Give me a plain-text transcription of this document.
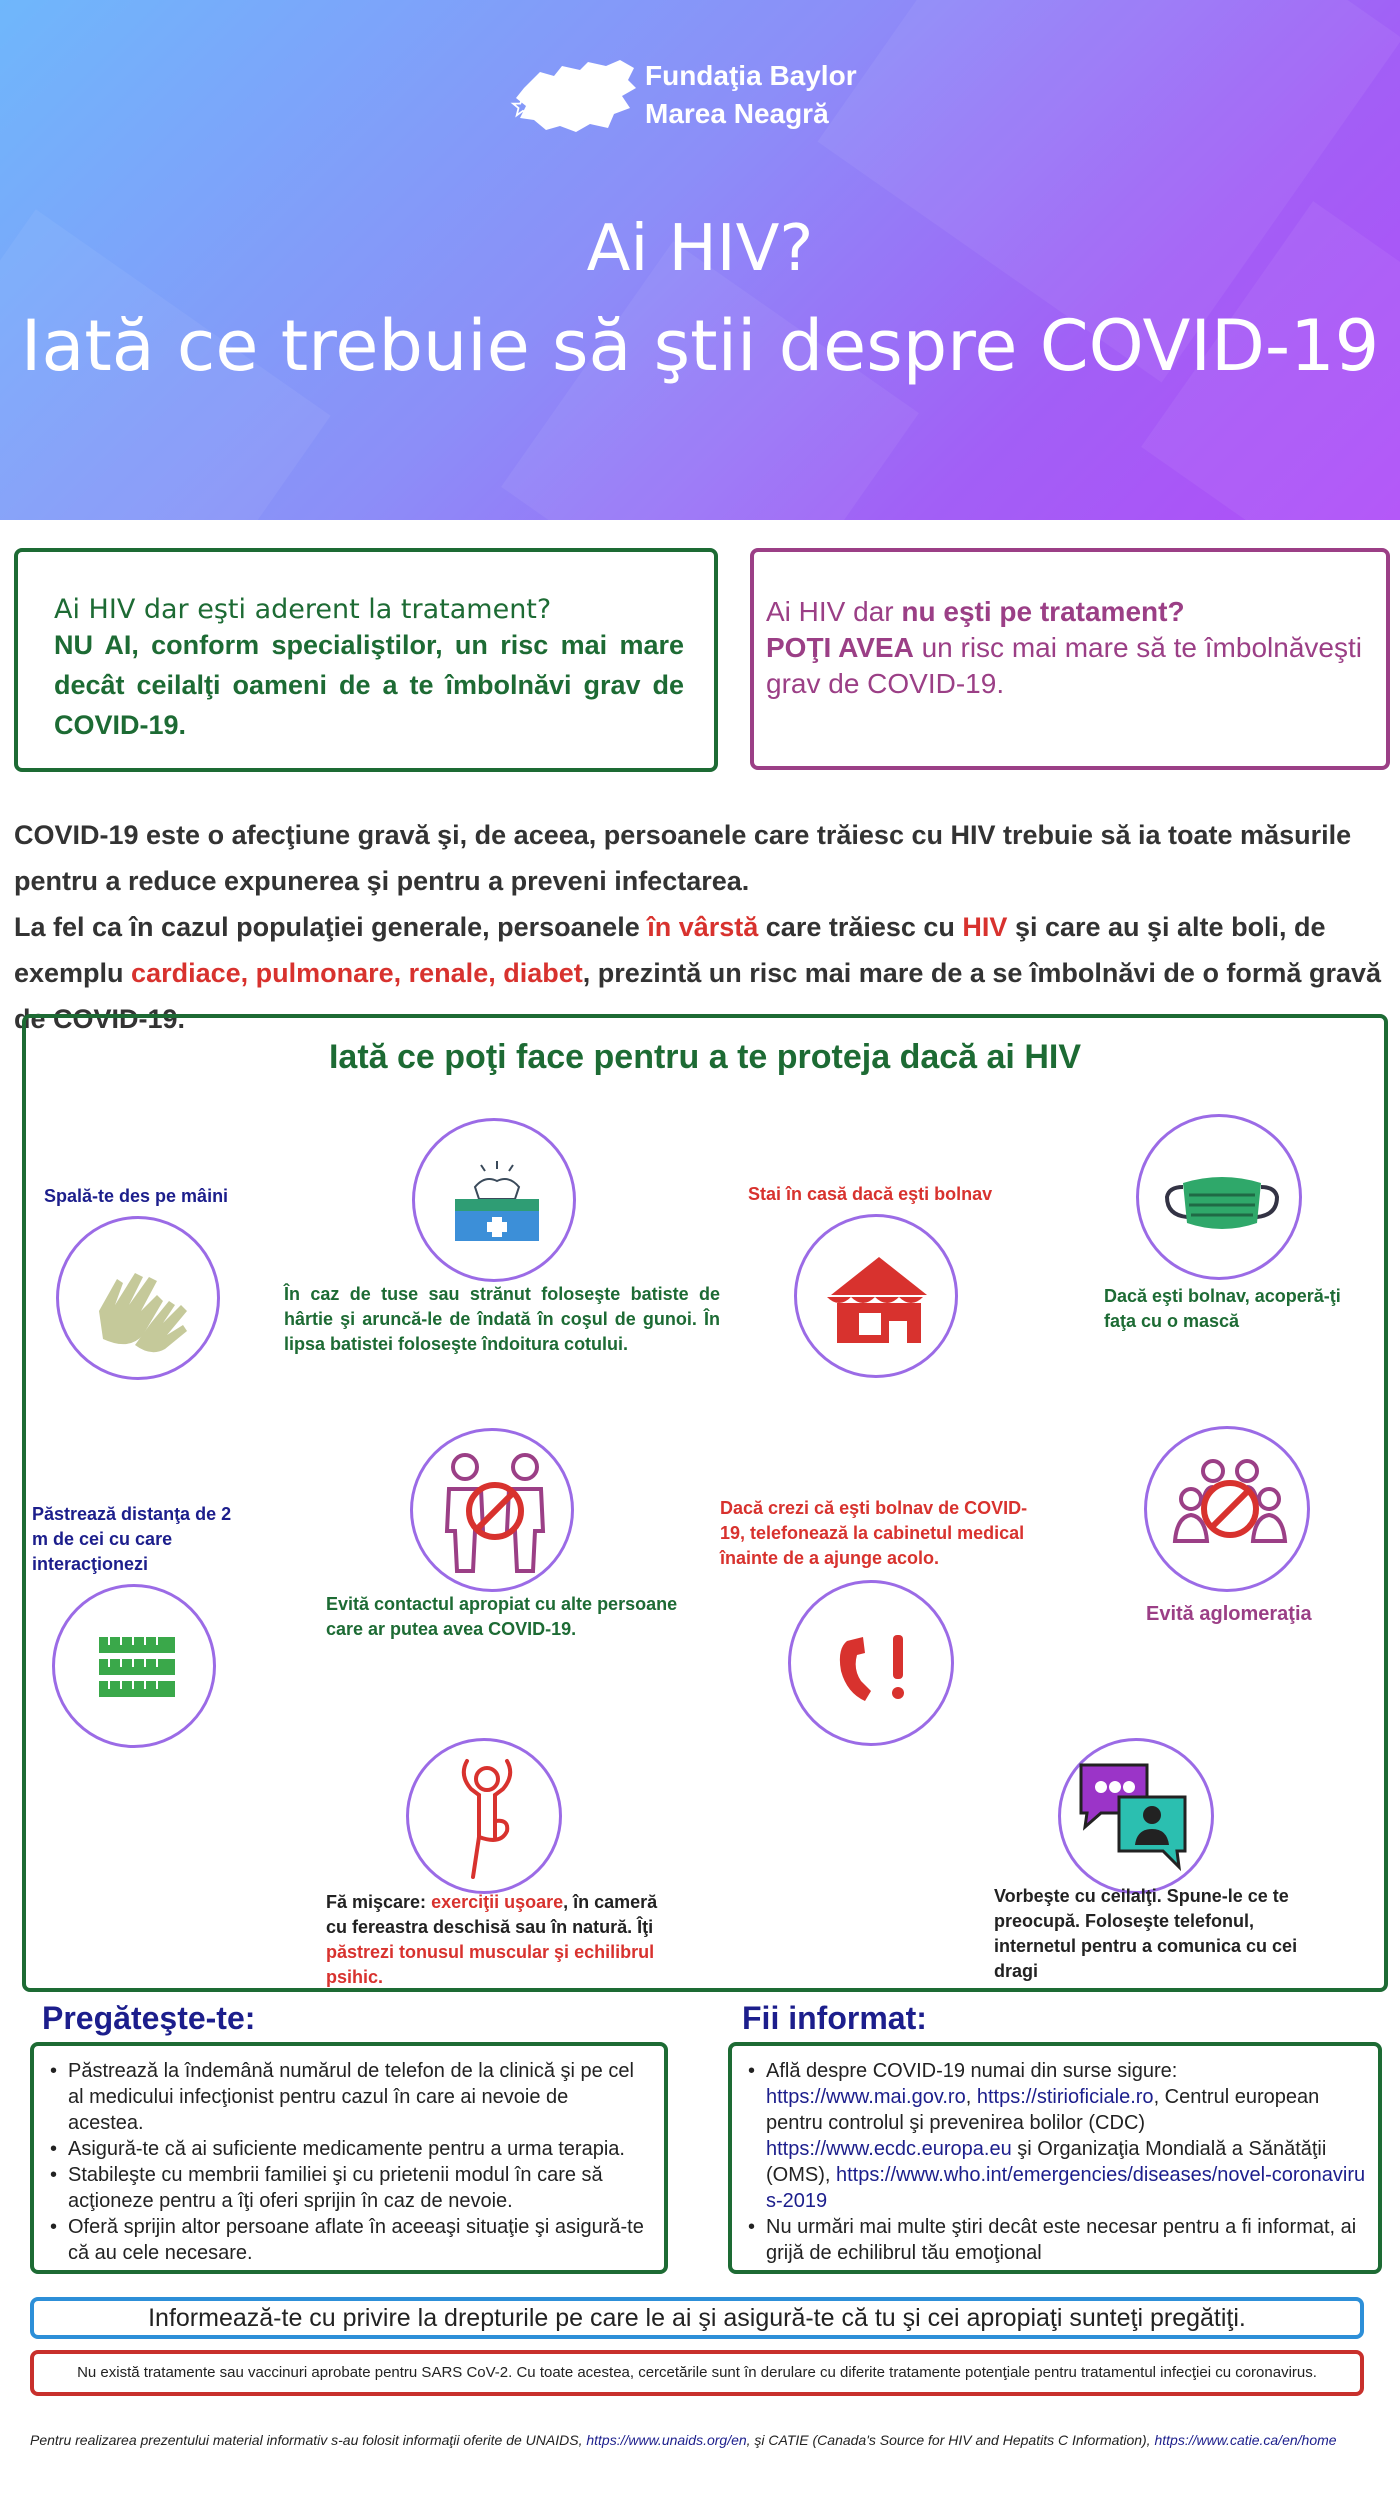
Fundaţia Baylor
Marea Neagră
Ai HIV?
Iată ce trebuie să ştii despre COVID-19
Ai HIV dar eşti aderent la tratament?
NU AI, conform specialiştilor, un risc mai mare decât ceilalţi oameni de a te îmbolnăvi grav de COVID-19.

Ai HIV dar nu eşti pe tratament?

POŢI AVEA un risc mai mare să te îmbolnăveşti grav de COVID-19.

COVID-19 este o afecţiune gravă şi, de aceea, persoanele care trăiesc cu HIV trebuie să ia toate măsurile pentru a reduce expunerea şi pentru a preveni infectarea.
La fel ca în cazul populaţiei generale, persoanele în vârstă care trăiesc cu HIV şi care au şi alte boli, de exemplu cardiace, pulmonare, renale, diabet, prezintă un risc mai mare de a se îmbolnăvi de o formă gravă de COVID-19.
Iată ce poţi face pentru a te proteja dacă ai HIV
Spală-te des pe mâini
În caz de tuse sau strănut foloseşte batiste de hârtie şi aruncă-le de îndată în coşul de gunoi. În lipsa batistei foloseşte îndoitura cotului.
Stai în casă dacă eşti bolnav
Dacă eşti bolnav, acoperă-ţi faţa cu o mască
Păstrează distanţa de 2 m de cei cu care interacţionezi
Evită contactul apropiat cu alte persoane care ar putea avea COVID-19.
Dacă crezi că eşti bolnav de COVID-19, telefonează la cabinetul medical înainte de a ajunge acolo.
Evită aglomeraţia
Fă mişcare: exerciţii uşoare, în cameră cu fereastra deschisă sau în natură. Îţi păstrezi tonusul muscular şi echilibrul psihic.
Vorbeşte cu ceilalţi. Spune-le ce te preocupă. Foloseşte telefonul, internetul pentru a comunica cu cei dragi
Pregăteşte-te:
• Păstrează la îndemână numărul de telefon de la clinică şi pe cel al medicului infecţionist pentru cazul în care ai nevoie de acestea.
• Asigură-te că ai suficiente medicamente pentru a urma terapia.
• Stabileşte cu membrii familiei şi cu prietenii modul în care să acţioneze pentru a îţi oferi sprijin în caz de nevoie.
• Oferă sprijin altor persoane aflate în aceeaşi situaţie şi asigură-te că au cele necesare.
Fii informat:
• Află despre COVID-19 numai din surse sigure: https://www.mai.gov.ro, https://stirioficiale.ro, Centrul european pentru controlul şi prevenirea bolilor (CDC) https://www.ecdc.europa.eu şi Organizaţia Mondială a Sănătăţii (OMS), https://www.who.int/emergencies/diseases/novel-coronavirus-2019
• Nu urmări mai multe ştiri decât este necesar pentru a fi informat, ai grijă de echilibrul tău emoţional
Informează-te cu privire la drepturile pe care le ai şi asigură-te că tu şi cei apropiaţi sunteţi pregătiţi.
Nu există tratamente sau vaccinuri aprobate pentru SARS CoV-2. Cu toate acestea, cercetările sunt în derulare cu diferite tratamente potenţiale pentru tratamentul infecţiei cu coronavirus.
Pentru realizarea prezentului material informativ s-au folosit informaţii oferite de UNAIDS, https://www.unaids.org/en, şi CATIE (Canada's Source for HIV and Hepatits C Information), https://www.catie.ca/en/home
